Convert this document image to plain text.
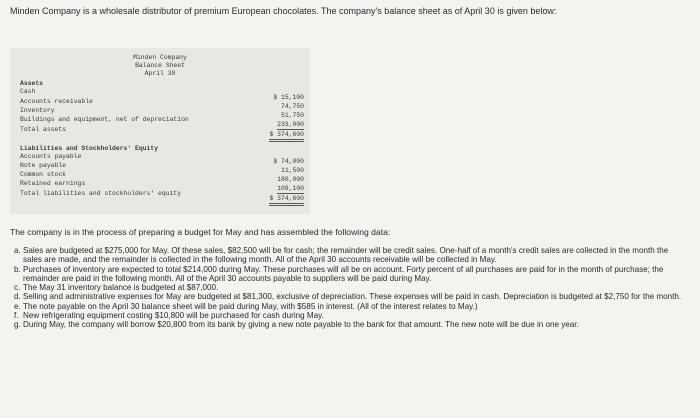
Minden Company is a wholesale distributor of premium European chocolates. The company's balance sheet as of April 30 is given below:
Minden Company
Balance Sheet
April 30
Assets
Cash
$ 15,100
Accounts receivable
74,750
Inventory
51,750
Buildings and equipment, net of depreciation
233,000
Total assets
$ 374,600
Liabilities and Stockholders' Equity
Accounts payable
$ 74,000
Note payable
11,500
Common stock
180,000
Retained earnings
109,100
Total liabilities and stockholders' equity
$ 374,600
The company is in the process of preparing a budget for May and has assembled the following data:
a. Sales are budgeted at $275,000 for May. Of these sales, $82,500 will be for cash; the remainder will be credit sales. One-half of a month's credit sales are collected in the month the sales are made, and the remainder is collected in the following month. All of the April 30 accounts receivable will be collected in May.
b. Purchases of inventory are expected to total $214,000 during May. These purchases will all be on account. Forty percent of all purchases are paid for in the month of purchase; the remainder are paid in the following month. All of the April 30 accounts payable to suppliers will be paid during May.
c. The May 31 inventory balance is budgeted at $87,000.
d. Selling and administrative expenses for May are budgeted at $81,300, exclusive of depreciation. These expenses will be paid in cash. Depreciation is budgeted at $2,750 for the month.
e. The note payable on the April 30 balance sheet will be paid during May, with $585 in interest. (All of the interest relates to May.)
f. New refrigerating equipment costing $10,800 will be purchased for cash during May.
g. During May, the company will borrow $20,800 from its bank by giving a new note payable to the bank for that amount. The new note will be due in one year.
